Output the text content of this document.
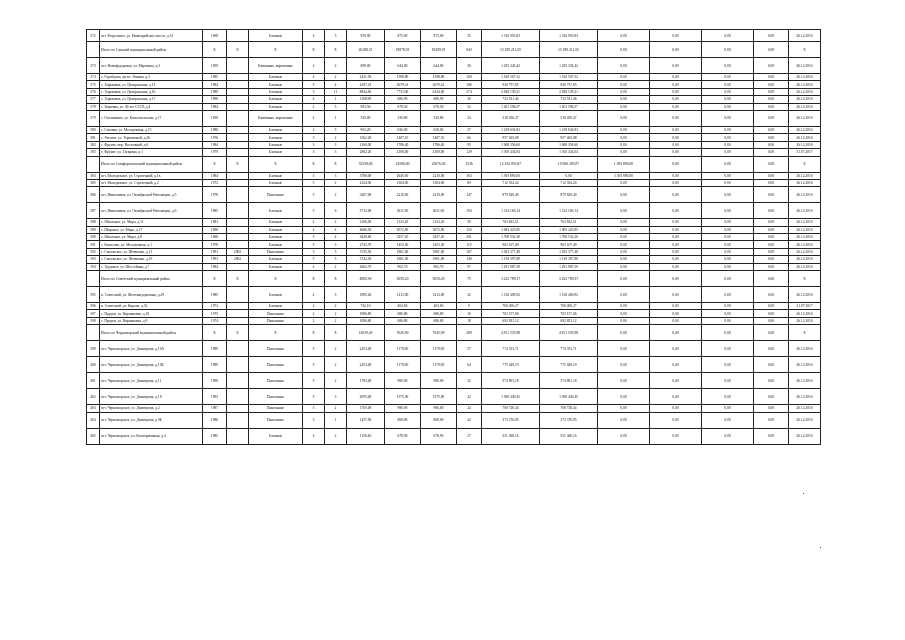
372	пгт. Раздольное, ул. Евпаторийское шоссе, д.14	1969		Блочные	2	3	959,90	875,00	875,00	35	1 316 955,83	1 316 955,83	0,00	0,00	0,00	0,00	26.12.2016
	Итого по Сакский муниципальный район	X	X	X	X	X	26188,31	19878,91	18209,91	943	13 189 211,65	13 189 211,65	0,00	0,00	0,00	0,00	X
373	пгт. Новофедоровка, ул. Марченко, д.3	1959		Каменные, кирпичные	2	2	699,00	644,00	644,00	30	1 455 345,42	1 455 345,42	0,00	0,00	0,00	0,00	26.12.2016
374	с. Горобцово, пр-кт. Ленина, д.3	1985		Блочные	4	2	2421,50	1598,80	1598,80	100	1 160 507,52	1 160 507,52	0,00	0,00	0,00	0,00	26.12.2016
375	с. Харьковка, ул. Центральная, д.13	1984		Блочные	5	4	4297,41	2679,41	2679,41	106	926 757,85	926 757,85	0,00	0,00	0,00	0,00	26.12.2016
376	с. Харьковка, ул. Центральная, д.16	1989		Блочные	5	11	8844,60	7733,00	6124,00	274	2 828 139,21	2 828 139,21	0,00	0,00	0,00	0,00	26.12.2016
377	с. Харьковка, ул. Центральная, д.17	1990		Блочные	4	1	1108,90	680,90	680,90	30	723 531,46	723 531,46	0,00	0,00	0,00	0,00	26.12.2016
378	с. Зверевка, ул. 40 лет СССР, д.4	1984		Блочные	2	3	903,50	678,50	678,50	52	1 201 596,57	1 201 596,57	0,00	0,00	0,00	0,00	26.12.2016
379	с. Охотниково, ул. Комсомольская, д.17	1959		Каменные, кирпичные	2	1	550,80	330,80	330,80	24	518 450,47	518 450,47	0,00	0,00	0,00	0,00	26.12.2016
380	с. Сизовка, ул. Молодежная, д.15	1980		Блочные	2	3	962,20	636,00	636,00	37	1 218 634,83	1 218 634,83	0,00	0,00	0,00	0,00	26.12.2016
381	с. Уютное, ул. Терешковой, д.26	1976		Блочные	3	2	1562,40	1407,10	1407,10	66	957 463,08	957 463,08	0,00	0,00	0,00	0,00	26.12.2016
382	с. Фрунзе, пер. Восточный, д.6	1984		Блочные	3	3	2160,00	1786,40	1786,40	95	1 068 356,60	1 068 356,60	0,00	0,00	0,00	0,00	26.12.2016
383	с. Фрунзе, ул. Гагарина, д.1	1979		Блочные	3	3	2802,20	2100,00	2100,00	129	1 010 434,64	1 010 434,64	0,00	0,00	0,00	0,00	31.07.2017
	Итого по Симферопольский муниципальный район	X	X	X	X	X	35258,60	23506,60	23076,40	1536	12 354 093,87	10 960 203,87	1 393 890,00	0,00	0,00	0,00	X
384	пгт. Молодежное, ул. Стрелецкий, д.1в	1984		Блочные	5	3	3780,00	2640,00	2210,00	163	1 393 890,00	0,00	1 393 890,00	0,00	0,00	0,00	26.12.2016
385	пгт. Молодежное, ул. Стрелецкий, д.2	1972		Блочные	5	2	2324,00	1304,00	1304,00	89	712 354,24	712 354,24	0,00	0,00	0,00	0,00	26.12.2016
386	пгт. Николаевка, ул. Октябрьской Революции, д.5	1978		Панельные	5	2	3407,00	2210,00	2210,00	147	879 829,40	879 829,40	0,00	0,00	0,00	0,00	26.12.2016
387	пгт. Николаевка, ул. Октябрьской Революции, д.6	1985		Блочные	5	6	3712,00	3611,00	3611,00	194	1 314 169,14	1 314 169,14	0,00	0,00	0,00	0,00	26.12.2016
388	с. Школьное, ул. Мира, д.11	1981		Блочные	2	2	2106,00	1333,20	1333,20	50	763 822,51	763 822,51	0,00	0,00	0,00	0,00	26.12.2016
389	с. Широкое, ул. Мира, д.17	1990		Блочные	4	4	4666,30	3072,90	3072,90	152	1 083 425,85	1 083 425,85	0,00	0,00	0,00	0,00	26.12.2016
390	с. Школьное, ул. Мира, д.8	1968		Блочные	5	4	3420,60	3257,20	3257,20	201	1 708 532,30	1 708 532,30	0,00	0,00	0,00	0,00	26.12.2016
391	с. Кизилово, ул. Молодежная, д.1	1978		Блочные	5	3	2743,70	1453,30	1453,30	115	963 107,49	963 107,49	0,00	0,00	0,00	0,00	26.12.2016
392	с. Сакольское, ул. Шевченко, д.13	1991	2002	Панельные	5	3	3725,30	1861,00	1861,00	167	1 023 377,48	1 023 377,48	0,00	0,00	0,00	0,00	26.12.2016
393	с. Сакольское, ул. Шевченко, д.19	1991	2002	Блочные	5	3	3722,30	1861,00	1861,00	140	1 139 397,88	1 139 397,88	0,00	0,00	0,00	0,00	26.12.2016
394	с. Трудовое, ул. Шоссейная, д.7	1984		Блочные	4	2	2662,70	902,70	902,70	97	1 291 987,59	1 291 987,59	0,00	0,00	0,00	0,00	26.12.2016
	Итого по Советский муниципальный район	X	X	X	X	X	4800,90	3050,20	3050,20	75	3 232 789,37	3 232 789,37	0,00	0,00	0,00	0,00	X
395	п. Советский, ул. Железнодорожная, д.29	1985		Блочные	4	3	1885,20	1213,00	1213,00	32	1 136 400,92	1 136 400,92	0,00	0,00	0,00	0,00	26.12.2016
396	п. Советский, ул. Кирова, д.32	1972		Блочные	2	2	742,10	463,60	463,60	9	700 400,27	700 400,27	0,00	0,00	0,00	0,00	31.07.2017
397	с. Прудки, ул. Кирчановка, д.10	1975		Панельные	2	2	1086,80	686,80	686,80	16	703 157,06	703 157,06	0,00	0,00	0,00	0,00	26.12.2016
398	с. Прудки, ул. Кирчановка, д.9	1974		Панельные	2	2	1086,80	686,80	686,80	18	692 831,12	692 831,12	0,00	0,00	0,00	0,00	26.12.2016
	Итого по Черноморский муниципальный район	X	X	X	X	X	14029,40	7645,90	7645,90	209	4 811 535,98	4 811 535,98	0,00	0,00	0,00	0,00	X
399	пгт. Черноморское, ул. Димитрова, д.10А	1989		Панельные	5	2	2453,00	1179,00	1179,00	57	774 353,71	774 353,71	0,00	0,00	0,00	0,00	26.12.2016
400	пгт. Черноморское, ул. Димитрова, д.10Б	1989		Панельные	5	2	2453,00	1179,00	1179,00	64	775 449,19	775 449,19	0,00	0,00	0,00	0,00	26.12.2016
401	пгт. Черноморское, ул. Димитрова, д.11	1990		Панельные	5	2	1783,00	980,00	980,00	32	574 801,18	574 801,18	0,00	0,00	0,00	0,00	26.12.2016
402	пгт. Черноморское, ул. Димитрова, д.18	1993		Панельные	5	3	2955,00	1575,00	1575,00	42	1 058 449,45	1 058 449,45	0,00	0,00	0,00	0,00	26.12.2016
403	пгт. Черноморское, ул. Димитрова, д.2	1987		Панельные	5	2	1705,00	986,00	986,00	24	708 728,44	708 728,44	0,00	0,00	0,00	0,00	26.12.2016
404	пгт. Черноморское, ул. Димитрова, д.9Б	1986		Панельные	5	1	1457,00	868,00	868,00	42	373 376,85	373 376,85	0,00	0,00	0,00	0,00	26.12.2016
405	пгт. Черноморское, ул. Кооперативная, д.4	1985		Блочные	2	2	1156,40	678,90	678,90	27	531 360,16	531 360,16	0,00	0,00	0,00	0,00	26.12.2016
